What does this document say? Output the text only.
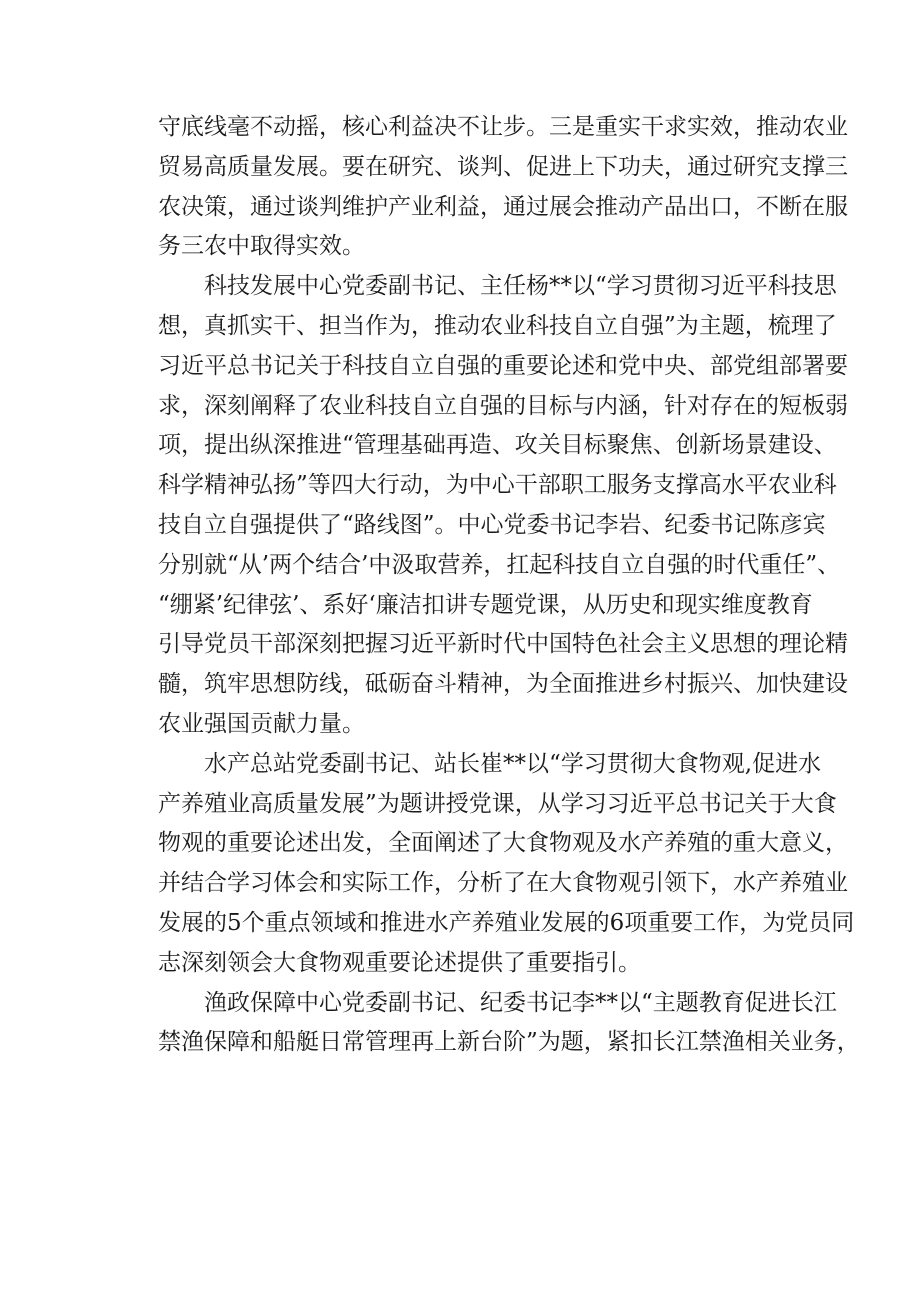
守底线毫不动摇，核心利益决不让步。三是重实干求实效，推动农业
贸易高质量发展。要在研究、谈判、促进上下功夫，通过研究支撑三
农决策，通过谈判维护产业利益，通过展会推动产品出口，不断在服
务三农中取得实效。
　　科技发展中心党委副书记、主任杨**以“学习贯彻习近平科技思
想，真抓实干、担当作为，推动农业科技自立自强”为主题，梳理了
习近平总书记关于科技自立自强的重要论述和党中央、部党组部署要
求，深刻阐释了农业科技自立自强的目标与内涵，针对存在的短板弱
项，提出纵深推进“管理基础再造、攻关目标聚焦、创新场景建设、
科学精神弘扬”等四大行动，为中心干部职工服务支撑高水平农业科
技自立自强提供了“路线图”。中心党委书记李岩、纪委书记陈彦宾
分别就“从’两个结合’中汲取营养，扛起科技自立自强的时代重任”、
“绷紧’纪律弦’、系好‘廉洁扣讲专题党课，从历史和现实维度教育
引导党员干部深刻把握习近平新时代中国特色社会主义思想的理论精
髓，筑牢思想防线，砥砺奋斗精神，为全面推进乡村振兴、加快建设
农业强国贡献力量。
　　水产总站党委副书记、站长崔**以“学习贯彻大食物观,促进水
产养殖业高质量发展”为题讲授党课，从学习习近平总书记关于大食
物观的重要论述出发，全面阐述了大食物观及水产养殖的重大意义，
并结合学习体会和实际工作，分析了在大食物观引领下，水产养殖业
发展的5个重点领域和推进水产养殖业发展的6项重要工作，为党员同
志深刻领会大食物观重要论述提供了重要指引。
　　渔政保障中心党委副书记、纪委书记李**以“主题教育促进长江
禁渔保障和船艇日常管理再上新台阶”为题，紧扣长江禁渔相关业务，
